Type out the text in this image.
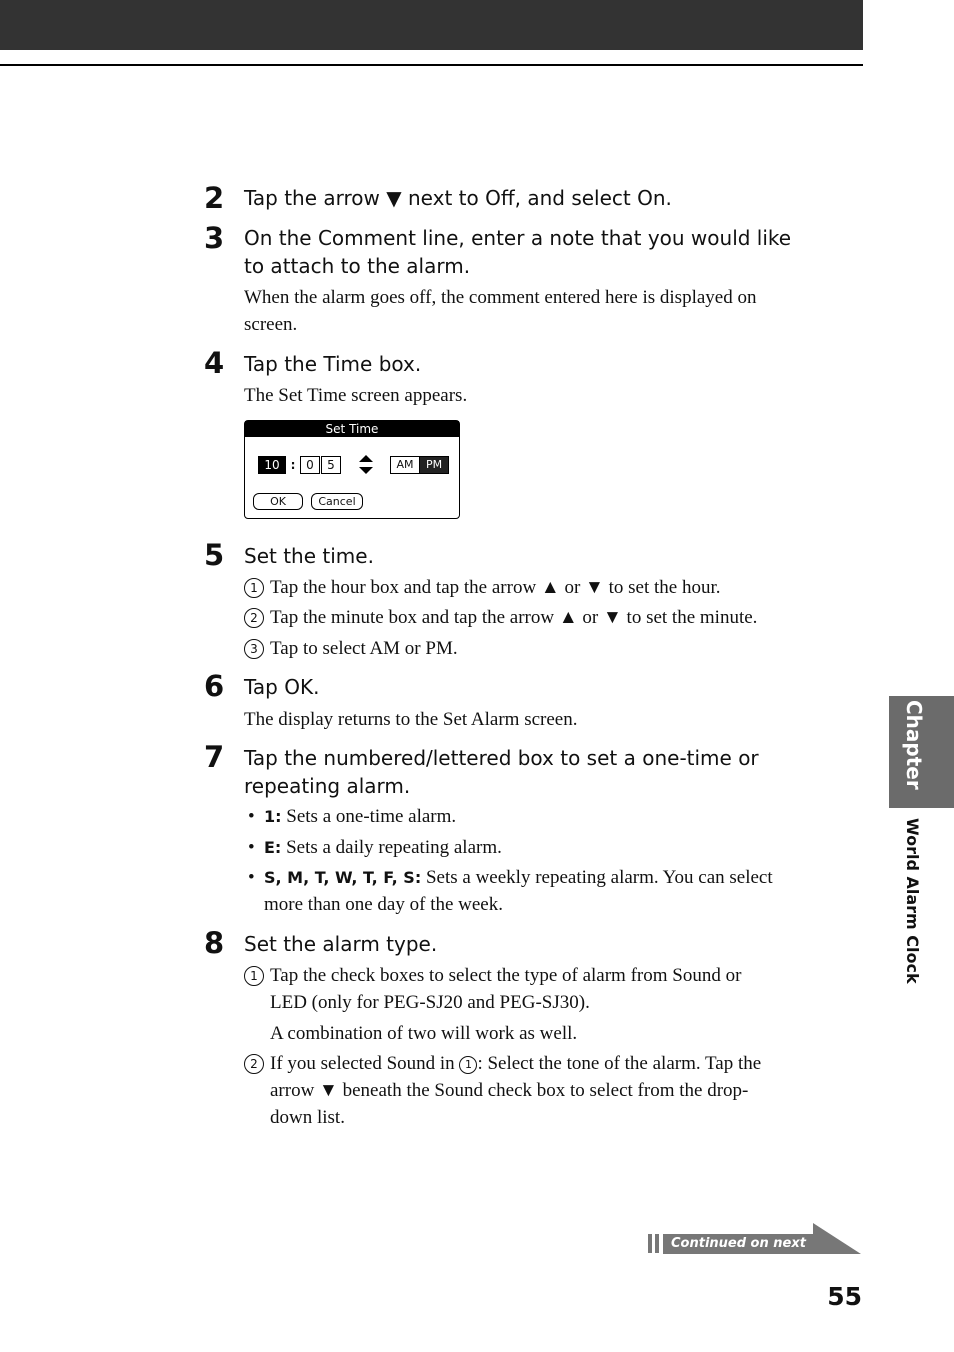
2 Tap the arrow ▼ next to Off, and select On.
3 On the Comment line, enter a note that you would like
to attach to the alarm.
When the alarm goes off, the comment entered here is displayed on
screen.
4 Tap the Time box.
The Set Time screen appears.
Set Time
10 : 0	5	AM	PM
OK	Cancel
5 Set the time.
1 Tap the hour box and tap the arrow ▲ or ▼ to set the hour.
2 Tap the minute box and tap the arrow ▲ or ▼ to set the minute.
3 Tap to select AM or PM.
6 Tap OK.
The display returns to the Set Alarm screen.
7 Tap the numbered/lettered box to set a one-time or
repeating alarm.
• 1: Sets a one-time alarm.
• E: Sets a daily repeating alarm.
• S, M, T, W, T, F, S: Sets a weekly repeating alarm. You can select
more than one day of the week.
8 Set the alarm type.
1 Tap the check boxes to select the type of alarm from Sound or
LED (only for PEG-SJ20 and PEG-SJ30).
A combination of two will work as well.
2 If you selected Sound in 1 : Select the tone of the alarm. Tap the
arrow ▼ beneath the Sound check box to select from the drop-
down list.
Chapter 5
World Alarm Clock
Continued on next page
55
